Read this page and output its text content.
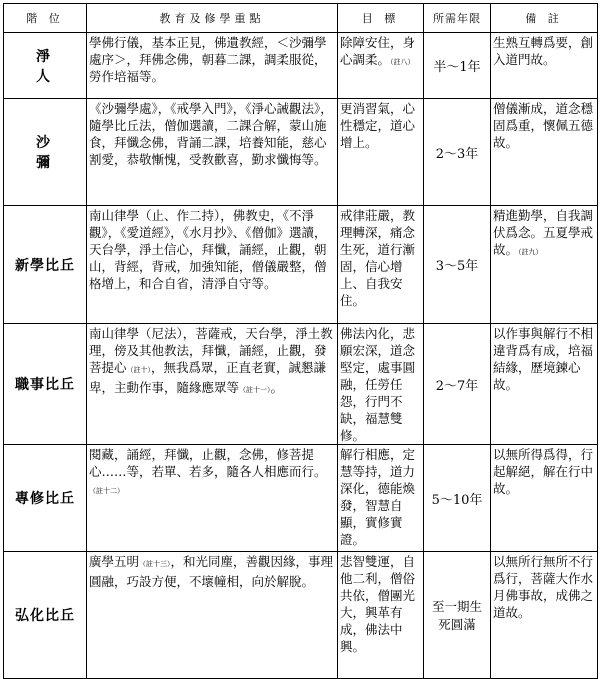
階 位	教育及修學重點	目 標	所需年限	備 註
淨人	學佛行儀，基本正見，佛遺教經，＜沙彌學處序＞，拜佛念佛，朝暮二課，調柔服從，勞作培福等。	除障安住，身心調柔。（註八）	半～1年	生熟互轉爲要，創入道門故。
沙彌	《沙彌學處》，《戒學入門》，《淨心誡觀法》，隨學比丘法，僧伽選讀，二課合解，蒙山施食，拜懺念佛，背誦二課，培養知能，慈心割愛，恭敬慚愧，受教歡喜，勤求懺悔等。	更消習氣，心性穩定，道心增上。	2～3年	僧儀漸成，道念穩固爲重，懷佩五德故。
新學比丘	南山律學（止、作二持），佛教史，《不淨觀》，《愛道經》，《水月抄》、《僧伽》選讀，天台學，淨土信心，拜懺，誦經，止觀，朝山，背經，背戒，加強知能，僧儀嚴整，僧格增上，和合自省，清淨自守等。	戒律莊嚴，教理轉深，痛念生死，道行漸固，信心增上、自我安住。	3～5年	精進勤學，自我調伏爲念。五夏學戒故。（註九）
職事比丘	南山律學（尼法），菩薩戒，天台學，淨土教理，傍及其他教法，拜懺，誦經，止觀，發菩提心（註十），無我爲眾，正直老實，誠懇謙卑，主動作事，隨緣應眾等（註十一）。	佛法內化，悲願宏深，道念堅定，處事圓融，任勞任怨，行門不缺，福慧雙修。	2～7年	以作事與解行不相違背爲有成，培福結緣，歷境鍊心故。
專修比丘	閱藏，誦經，拜懺，止觀，念佛，修菩提心……等，若單、若多，隨各人相應而行。（註十二）	解行相應，定慧等持，道力深化，德能煥發，智慧自顯，實修實證。	5～10年	以無所得爲得，行起解絕，解在行中故。
弘化比丘	廣學五明（註十三），和光同塵，善觀因緣，事理圓融，巧設方便，不壞幢相，向於解脫。	悲智雙運，自他二利，僧俗共依，僧團光大，興革有成，佛法中興。	至一期生死圓滿	以無所行無所不行爲行，菩薩大作水月佛事故，成佛之道故。
